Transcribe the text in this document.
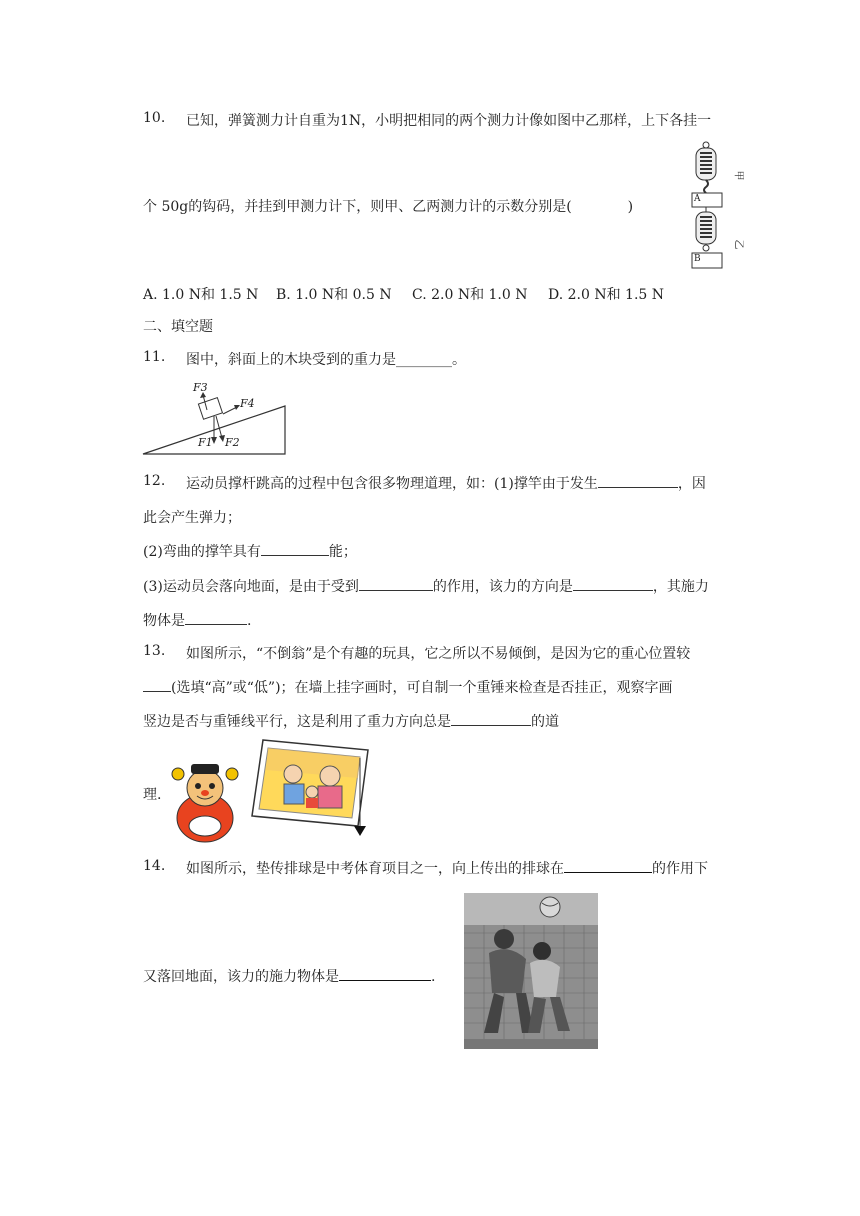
10. 已知，弹簧测力计自重为1N，小明把相同的两个测力计像如图中乙那样，上下各挂一
个 50g的钩码，并挂到甲测力计下，则甲、乙两测力计的示数分别是(　　　　)	A
B
甲
乙
A. 1.0 N和 1.5 N B. 1.0 N和 0.5 N C. 2.0 N和 1.0 N D. 2.0 N和 1.5 N
二、填空题
11. 图中，斜面上的木块受到的重力是________。
F3
F4
F1 F2
12. 运动员撑杆跳高的过程中包含很多物理道理，如：(1)撑竿由于发生	，因
此会产生弹力；
(2)弯曲的撑竿具有	能；
(3)运动员会落向地面，是由于受到	的作用，该力的方向是	，其施力
物体是	.
13. 如图所示，“不倒翁”是个有趣的玩具，它之所以不易倾倒，是因为它的重心位置较
(选填“高”或“低”)；在墙上挂字画时，可自制一个重锤来检查是否挂正，观察字画
竖边是否与重锤线平行，这是利用了重力方向总是	的道
理.
14. 如图所示，垫传排球是中考体育项目之一，向上传出的排球在	的作用下
又落回地面，该力的施力物体是	.
